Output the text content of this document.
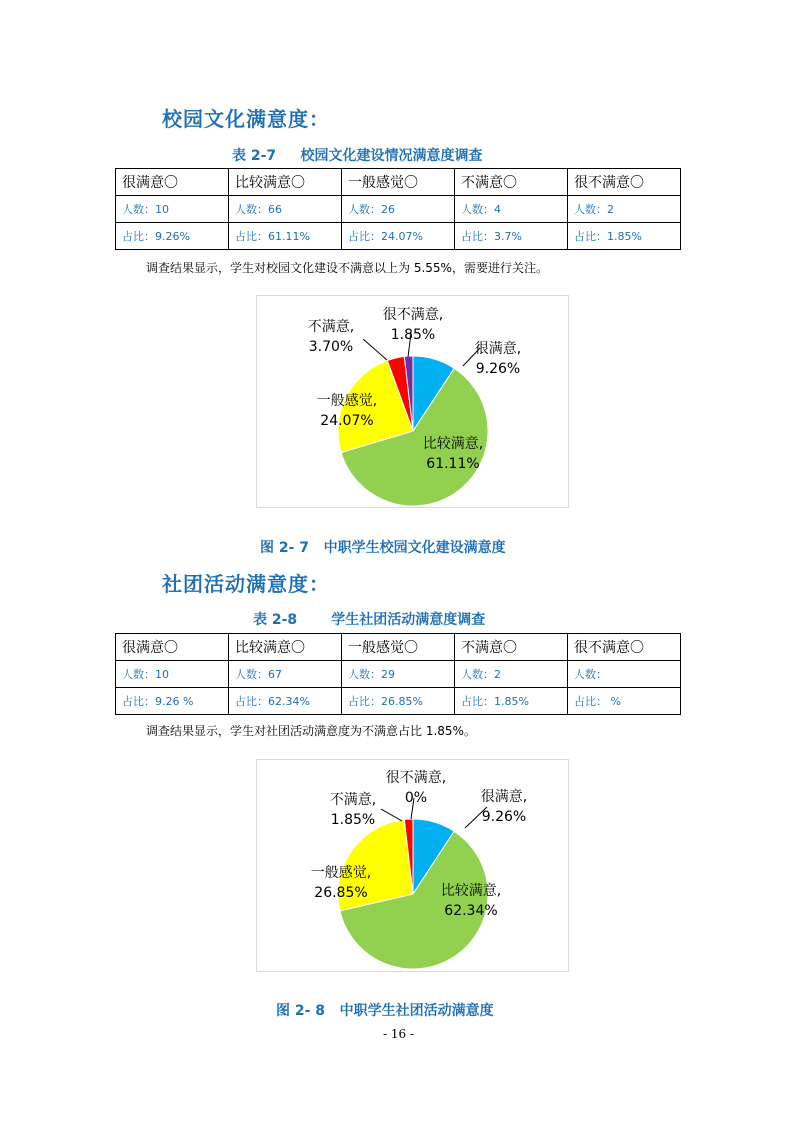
校园文化满意度：
表 2-7     校园文化建设情况满意度调查
很满意〇	比较满意〇	一般感觉〇	不满意〇	很不满意〇
人数：10	人数：66	人数：26	人数：4	人数：2
占比：9.26%	占比：61.11%	占比：24.07%	占比：3.7%	占比：1.85%
调查结果显示，学生对校园文化建设不满意以上为 5.55%，需要进行关注。
很满意,
9.26%
比较满意,
61.11%
一般感觉,
24.07%
不满意,
3.70%
很不满意,
1.85%
图 2- 7   中职学生校园文化建设满意度
社团活动满意度：
表 2-8       学生社团活动满意度调查
很满意〇	比较满意〇	一般感觉〇	不满意〇	很不满意〇
人数：10	人数：67	人数：29	人数：2	人数：
占比：9.26 %	占比：62.34%	占比：26.85%	占比：1.85%	占比： %
调查结果显示，学生对社团活动满意度为不满意占比 1.85%。
很满意,
9.26%
比较满意,
62.34%
一般感觉,
26.85%
不满意,
1.85%
很不满意,
0%
图 2- 8   中职学生社团活动满意度
- 16 -
